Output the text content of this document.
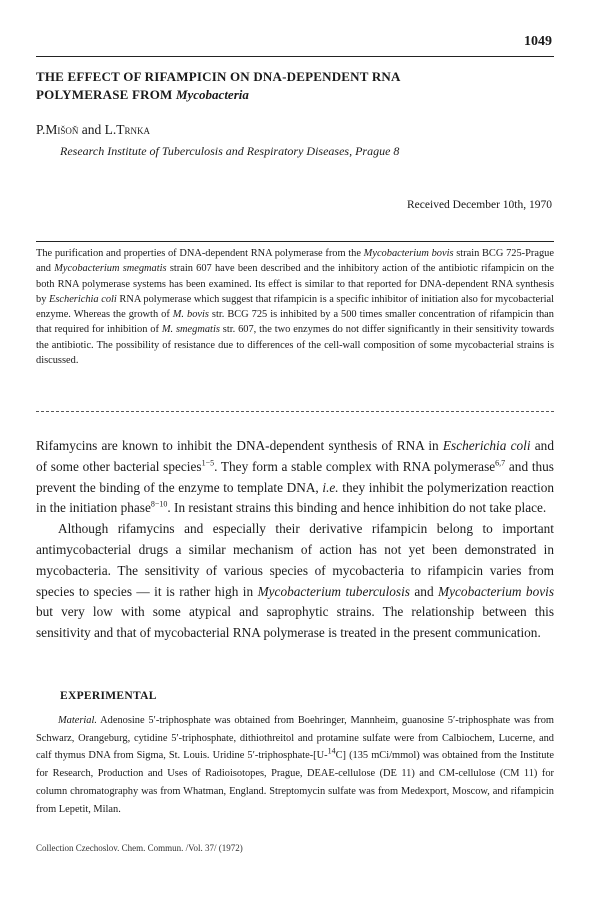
1049
THE EFFECT OF RIFAMPICIN ON DNA-DEPENDENT RNA
POLYMERASE FROM Mycobacteria
P.Mišoň and L.Trnka
Research Institute of Tuberculosis and Respiratory Diseases, Prague 8
Received December 10th, 1970

The purification and properties of DNA-dependent RNA polymerase from the Mycobacterium bovis strain BCG 725-Prague and Mycobacterium smegmatis strain 607 have been described and the inhibitory action of the antibiotic rifampicin on the both RNA polymerase systems has been examined. Its effect is similar to that reported for DNA-dependent RNA synthesis by Escherichia coli RNA polymerase which suggest that rifampicin is a specific inhibitor of initiation also for mycobacterial enzyme. Whereas the growth of M. bovis str. BCG 725 is inhibited by a 500 times smaller concentration of rifampicin than that required for inhibition of M. smegmatis str. 607, the two enzymes do not differ significantly in their sensitivity towards the antibiotic. The possibility of resistance due to differences of the cell-wall composition of some mycobacterial strains is discussed.

Rifamycins are known to inhibit the DNA-dependent synthesis of RNA in Escherichia coli and of some other bacterial species$^{1-5}$. They form a stable complex with RNA polymerase$^{6,7}$ and thus prevent the binding of the enzyme to template DNA, i.e. they inhibit the polymerization reaction in the initiation phase$^{8-10}$. In resistant strains this binding and hence inhibition do not take place.

Although rifamycins and especially their derivative rifampicin belong to important antimycobacterial drugs a similar mechanism of action has not yet been demonstrated in mycobacteria. The sensitivity of various species of mycobacteria to rifampicin varies from species to species — it is rather high in Mycobacterium tuberculosis and Mycobacterium bovis but very low with some atypical and saprophytic strains. The relationship between this sensitivity and that of mycobacterial RNA polymerase is treated in the present communication.

EXPERIMENTAL

Material. Adenosine 5′-triphosphate was obtained from Boehringer, Mannheim, guanosine 5′-triphosphate was from Schwarz, Orangeburg, cytidine 5′-triphosphate, dithiothreitol and protamine sulfate were from Calbiochem, Lucerne, and calf thymus DNA from Sigma, St. Louis. Uridine 5′-triphosphate-[U-$^{14}$C] (135 mCi/mmol) was obtained from the Institute for Research, Production and Uses of Radioisotopes, Prague, DEAE-cellulose (DE 11) and CM-cellulose (CM 11) for column chromatography was from Whatman, England. Streptomycin sulfate was from Medexport, Moscow, and rifampicin from Lepetit, Milan.

Collection Czechoslov. Chem. Commun. /Vol. 37/ (1972)
